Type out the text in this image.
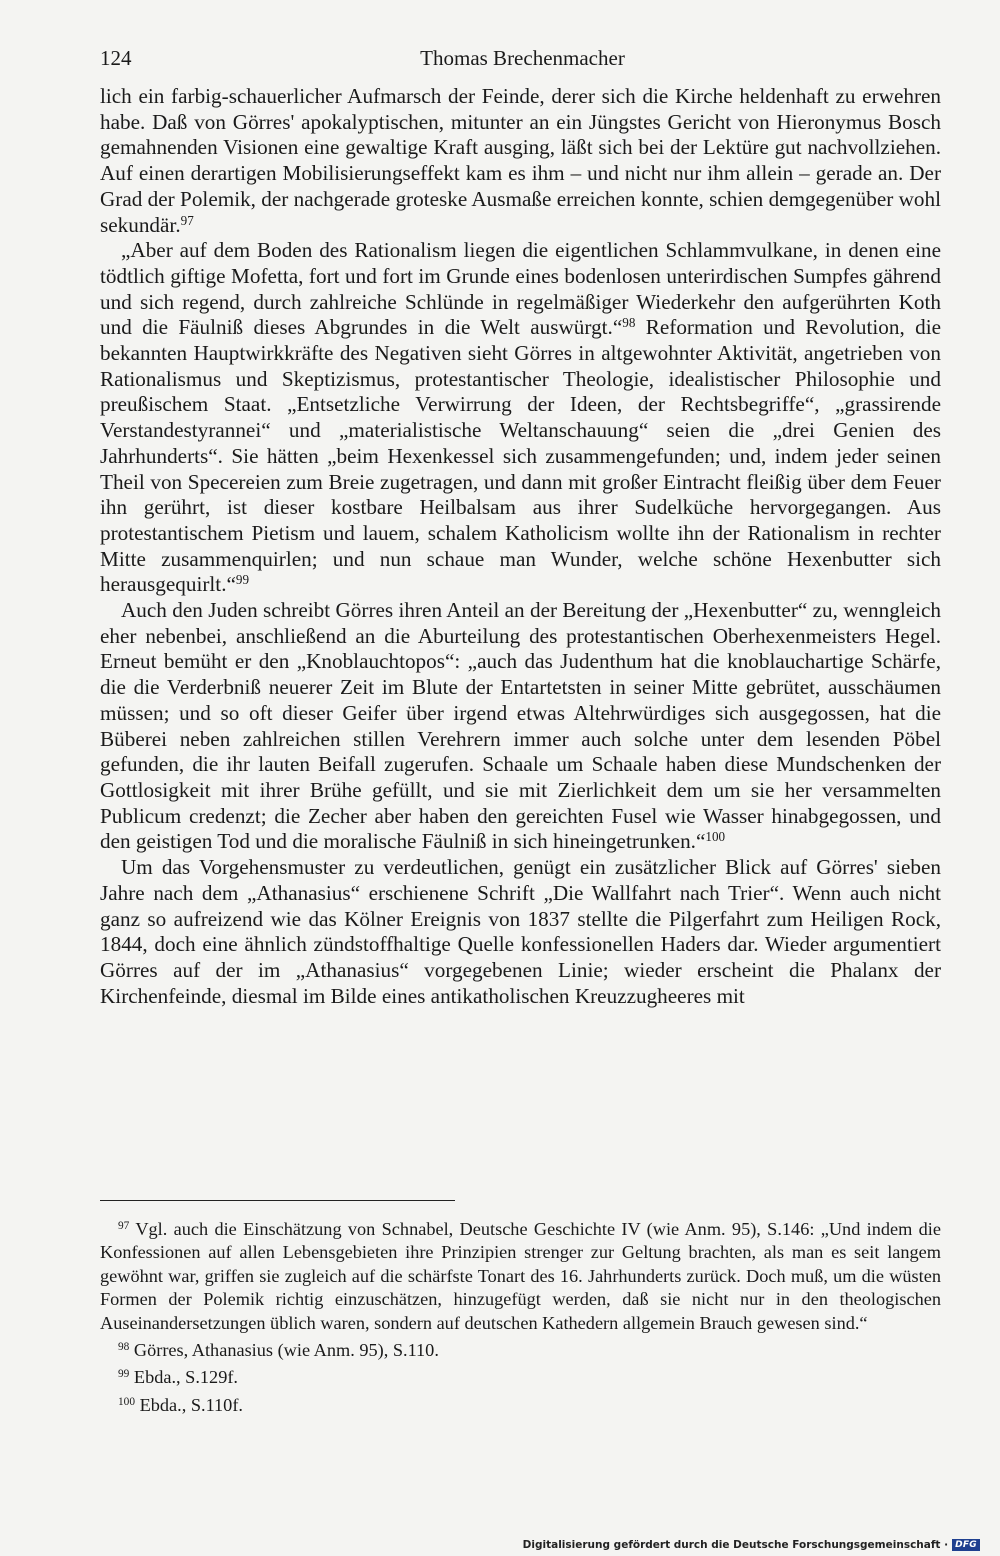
124	Thomas Brechenmacher

lich ein farbig-schauerlicher Aufmarsch der Feinde, derer sich die Kirche heldenhaft zu erwehren habe. Daß von Görres' apokalyptischen, mitunter an ein Jüngstes Gericht von Hieronymus Bosch gemahnenden Visionen eine gewaltige Kraft ausging, läßt sich bei der Lektüre gut nachvollziehen. Auf einen derartigen Mobilisierungseffekt kam es ihm – und nicht nur ihm allein – gerade an. Der Grad der Polemik, der nachgerade groteske Ausmaße erreichen konnte, schien demgegenüber wohl sekundär.$^{97}$

„Aber auf dem Boden des Rationalism liegen die eigentlichen Schlammvulkane, in denen eine tödtlich giftige Mofetta, fort und fort im Grunde eines bodenlosen unterirdischen Sumpfes gährend und sich regend, durch zahlreiche Schlünde in regelmäßiger Wiederkehr den aufgerührten Koth und die Fäulniß dieses Abgrundes in die Welt auswürgt.“$^{98}$ Reformation und Revolution, die bekannten Hauptwirkkräfte des Negativen sieht Görres in altgewohnter Aktivität, angetrieben von Rationalismus und Skeptizismus, protestantischer Theologie, idealistischer Philosophie und preußischem Staat. „Entsetzliche Verwirrung der Ideen, der Rechtsbegriffe“, „grassirende Verstandestyrannei“ und „materialistische Weltanschauung“ seien die „drei Genien des Jahrhunderts“. Sie hätten „beim Hexenkessel sich zusammengefunden; und, indem jeder seinen Theil von Specereien zum Breie zugetragen, und dann mit großer Eintracht fleißig über dem Feuer ihn gerührt, ist dieser kostbare Heilbalsam aus ihrer Sudelküche hervorgegangen. Aus protestantischem Pietism und lauem, schalem Katholicism wollte ihn der Rationalism in rechter Mitte zusammenquirlen; und nun schaue man Wunder, welche schöne Hexenbutter sich herausgequirlt.“$^{99}$

Auch den Juden schreibt Görres ihren Anteil an der Bereitung der „Hexenbutter“ zu, wenngleich eher nebenbei, anschließend an die Aburteilung des protestantischen Oberhexenmeisters Hegel. Erneut bemüht er den „Knoblauchtopos“: „auch das Judenthum hat die knoblauchartige Schärfe, die die Verderbniß neuerer Zeit im Blute der Entartetsten in seiner Mitte gebrütet, ausschäumen müssen; und so oft dieser Geifer über irgend etwas Altehrwürdiges sich ausgegossen, hat die Büberei neben zahlreichen stillen Verehrern immer auch solche unter dem lesenden Pöbel gefunden, die ihr lauten Beifall zugerufen. Schaale um Schaale haben diese Mundschenken der Gottlosigkeit mit ihrer Brühe gefüllt, und sie mit Zierlichkeit dem um sie her versammelten Publicum credenzt; die Zecher aber haben den gereichten Fusel wie Wasser hinabgegossen, und den geistigen Tod und die moralische Fäulniß in sich hineingetrunken.“$^{100}$

Um das Vorgehensmuster zu verdeutlichen, genügt ein zusätzlicher Blick auf Görres' sieben Jahre nach dem „Athanasius“ erschienene Schrift „Die Wallfahrt nach Trier“. Wenn auch nicht ganz so aufreizend wie das Kölner Ereignis von 1837 stellte die Pilgerfahrt zum Heiligen Rock, 1844, doch eine ähnlich zündstoffhaltige Quelle konfessionellen Haders dar. Wieder argumentiert Görres auf der im „Athanasius“ vorgegebenen Linie; wieder erscheint die Phalanx der Kirchenfeinde, diesmal im Bilde eines antikatholischen Kreuzzugheeres mit

$^{97}$ Vgl. auch die Einschätzung von Schnabel, Deutsche Geschichte IV (wie Anm. 95), S.146: „Und indem die Konfessionen auf allen Lebensgebieten ihre Prinzipien strenger zur Geltung brachten, als man es seit langem gewöhnt war, griffen sie zugleich auf die schärfste Tonart des 16. Jahrhunderts zurück. Doch muß, um die wüsten Formen der Polemik richtig einzuschätzen, hinzugefügt werden, daß sie nicht nur in den theologischen Auseinandersetzungen üblich waren, sondern auf deutschen Kathedern allgemein Brauch gewesen sind.“

$^{98}$ Görres, Athanasius (wie Anm. 95), S.110.

$^{99}$ Ebda., S.129f.

$^{100}$ Ebda., S.110f.

Digitalisierung gefördert durch die Deutsche Forschungsgemeinschaft · DFG
